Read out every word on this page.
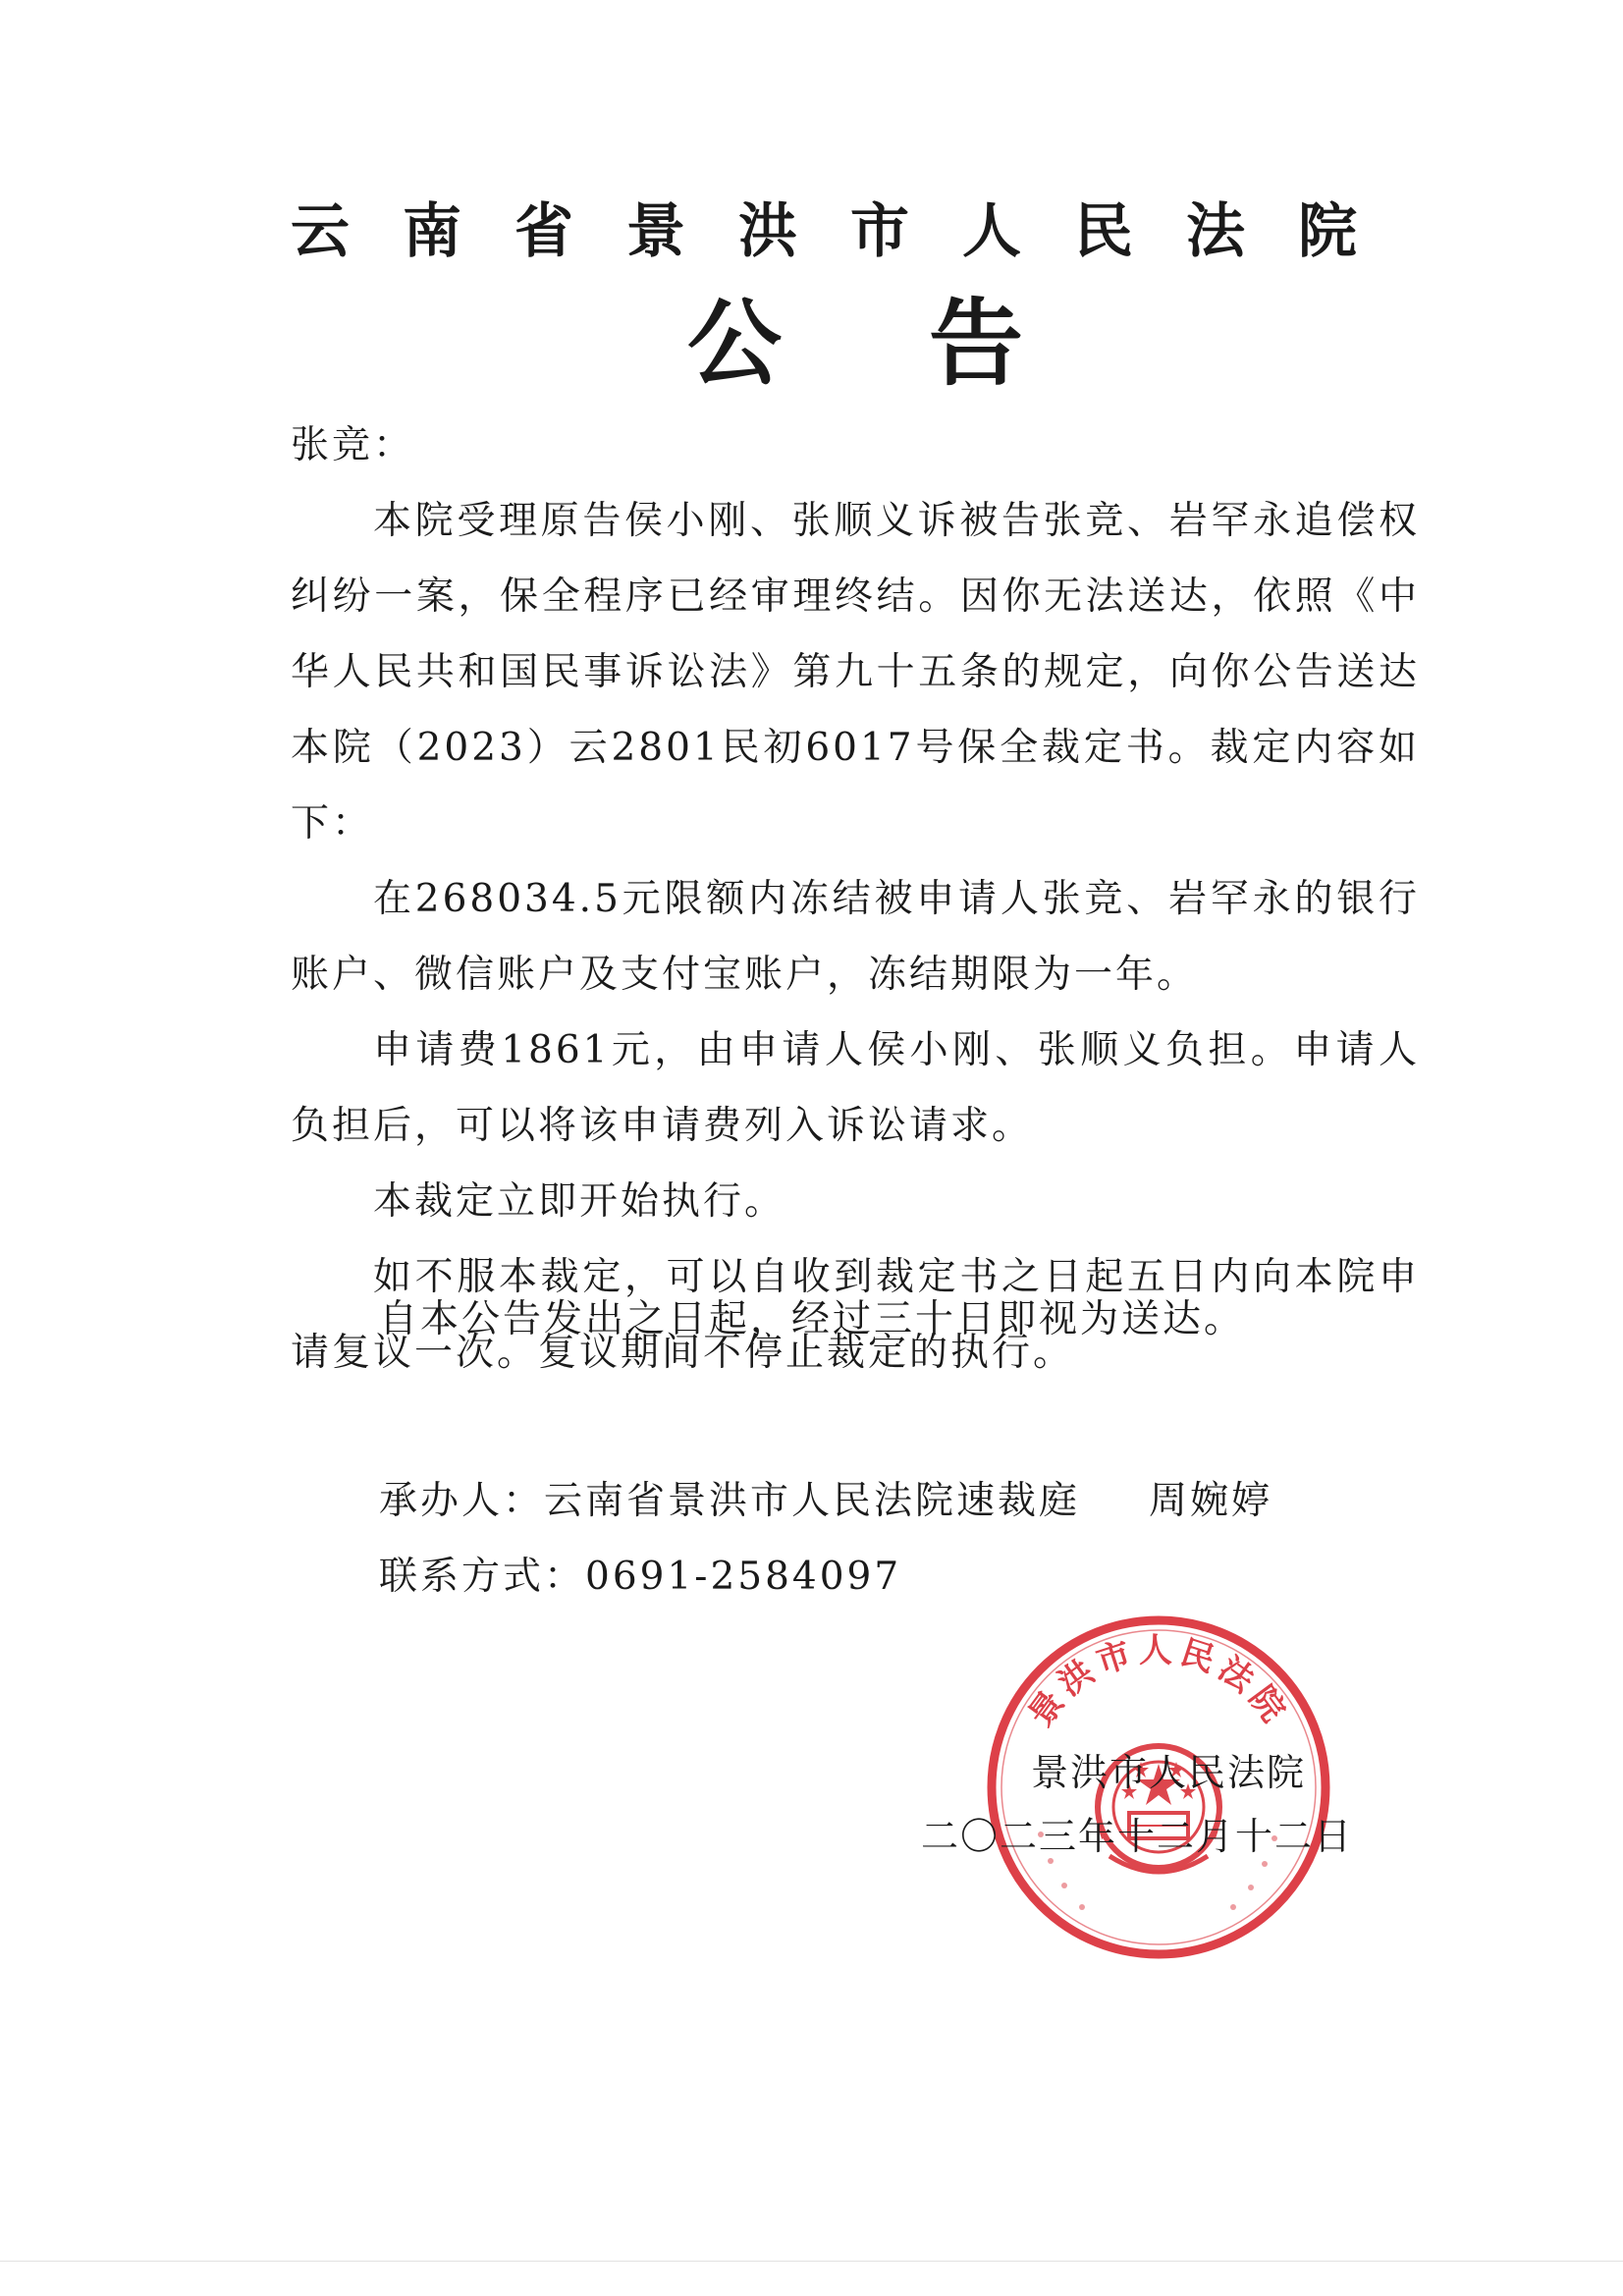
云南省景洪市人民法院
公告

张竞：

本院受理原告侯小刚、张顺义诉被告张竞、岩罕永追偿权纠纷一案，保全程序已经审理终结。因你无法送达，依照《中华人民共和国民事诉讼法》第九十五条的规定，向你公告送达本院（2023）云2801民初6017号保全裁定书。裁定内容如下：

在268034.5元限额内冻结被申请人张竞、岩罕永的银行账户、微信账户及支付宝账户，冻结期限为一年。

申请费1861元，由申请人侯小刚、张顺义负担。申请人负担后，可以将该申请费列入诉讼请求。

本裁定立即开始执行。

如不服本裁定，可以自收到裁定书之日起五日内向本院申请复议一次。复议期间不停止裁定的执行。

自本公告发出之日起，经过三十日即视为送达。
承办人：云南省景洪市人民法院速裁庭 周婉婷
联系方式：0691-2584097
景洪市人民法院
景洪市人民法院
二〇二三年十二月十二日
